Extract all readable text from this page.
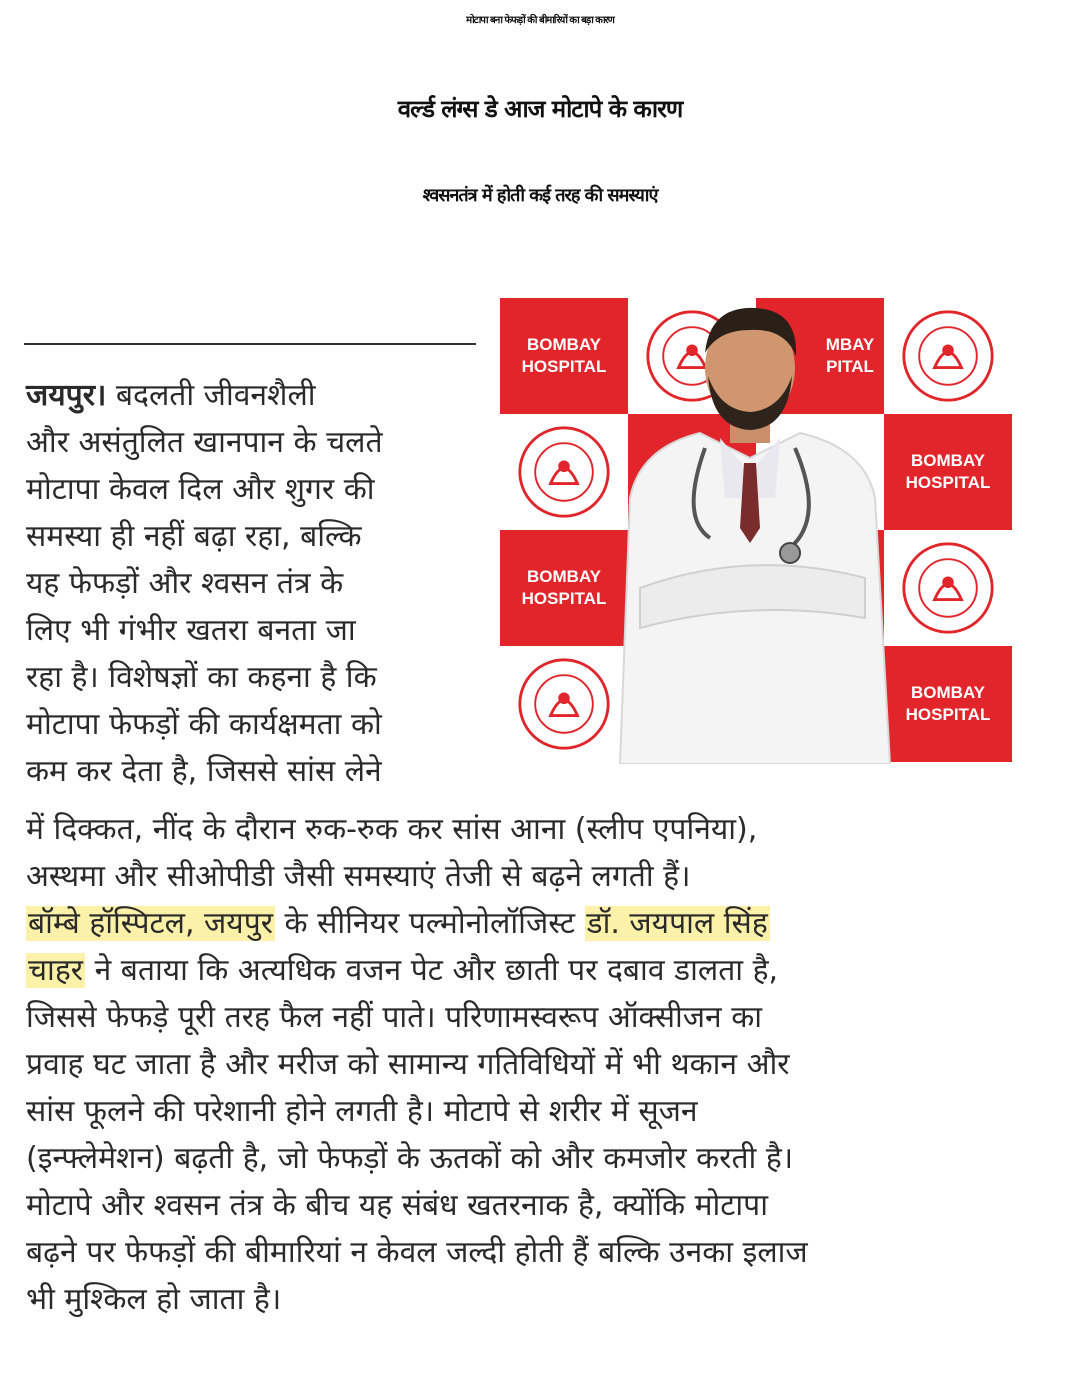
मोटापा बना फेफड़ों की बीमारियों का बड़ा कारण
वर्ल्ड लंग्स डे आज मोटापे के कारण
श्वसनतंत्र में होती कई तरह की समस्याएं
BOMBAY
HOSPITAL
MBAY
PITAL
BOMBAY
HOSPITAL
BOMBAY
HOSPITAL
BOMBAY
HOSPITAL
जयपुर। बदलती जीवनशैली
और असंतुलित खानपान के चलते
मोटापा केवल दिल और शुगर की
समस्या ही नहीं बढ़ा रहा, बल्कि
यह फेफड़ों और श्वसन तंत्र के
लिए भी गंभीर खतरा बनता जा
रहा है। विशेषज्ञों का कहना है कि
मोटापा फेफड़ों की कार्यक्षमता को
कम कर देता है, जिससे सांस लेने
में दिक्कत, नींद के दौरान रुक-रुक कर सांस आना (स्लीप एपनिया),
अस्थमा और सीओपीडी जैसी समस्याएं तेजी से बढ़ने लगती हैं।
बॉम्बे हॉस्पिटल, जयपुर के सीनियर पल्मोनोलॉजिस्ट डॉ. जयपाल सिंह
चाहर ने बताया कि अत्यधिक वजन पेट और छाती पर दबाव डालता है,
जिससे फेफड़े पूरी तरह फैल नहीं पाते। परिणामस्वरूप ऑक्सीजन का
प्रवाह घट जाता है और मरीज को सामान्य गतिविधियों में भी थकान और
सांस फूलने की परेशानी होने लगती है। मोटापे से शरीर में सूजन
(इन्फ्लेमेशन) बढ़ती है, जो फेफड़ों के ऊतकों को और कमजोर करती है।
मोटापे और श्वसन तंत्र के बीच यह संबंध खतरनाक है, क्योंकि मोटापा
बढ़ने पर फेफड़ों की बीमारियां न केवल जल्दी होती हैं बल्कि उनका इलाज
भी मुश्किल हो जाता है।
